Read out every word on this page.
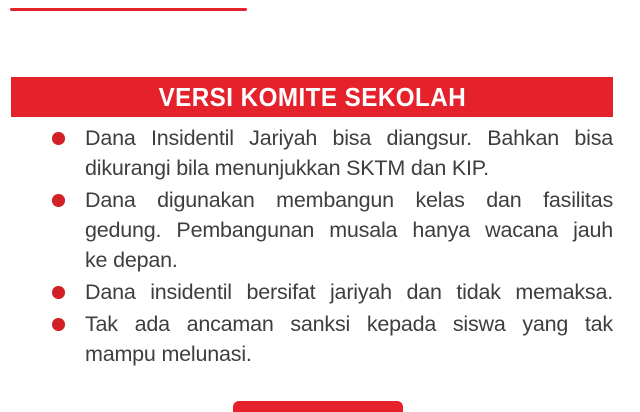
VERSI KOMITE SEKOLAH
Dana Insidentil Jariyah bisa diangsur. Bahkan bisa
dikurangi bila menunjukkan SKTM dan KIP.
Dana digunakan membangun kelas dan fasilitas
gedung. Pembangunan musala hanya wacana jauh
ke depan.
Dana insidentil bersifat jariyah dan tidak memaksa.
Tak ada ancaman sanksi kepada siswa yang tak
mampu melunasi.
